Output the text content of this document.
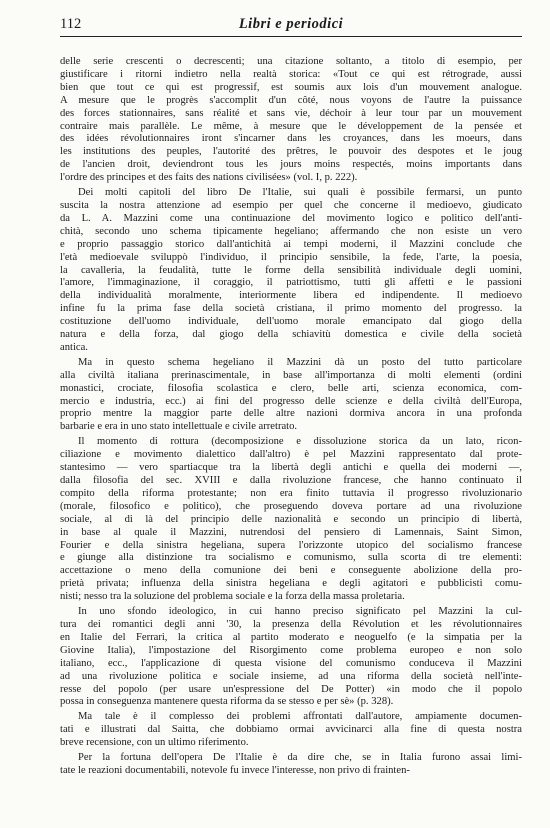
112	Libri e periodici

delle serie crescenti o decrescenti; una citazione soltanto, a titolo di esempio, per
giustificare i ritorni indietro nella realtà storica: «Tout ce qui est rétrograde, aussi
bien que tout ce qui est progressif, est soumis aux lois d'un mouvement analogue.
A mesure que le progrès s'accomplit d'un côté, nous voyons de l'autre la puissance
des forces stationnaires, sans réalité et sans vie, déchoir à leur tour par un mouvement
contraire mais parallèle. Le même, à mesure que le développement de la pensée et
des idées révolutionnaires iront s'incarner dans les croyances, dans les moeurs, dans
les institutions des peuples, l'autorité des prêtres, le pouvoir des despotes et le joug
de l'ancien droit, deviendront tous les jours moins respectés, moins importants dans
l'ordre des principes et des faits des nations civilisées» (vol. I, p. 222).

Dei molti capitoli del libro De l'Italie, sui quali è possibile fermarsi, un punto
suscita la nostra attenzione ad esempio per quel che concerne il medioevo, giudicato
da L. A. Mazzini come una continuazione del movimento logico e politico dell'anti-
chità, secondo uno schema tipicamente hegeliano; affermando che non esiste un vero
e proprio passaggio storico dall'antichità ai tempi moderni, il Mazzini conclude che
l'età medioevale sviluppò l'individuo, il principio sensibile, la fede, l'arte, la poesia,
la cavalleria, la feudalità, tutte le forme della sensibilità individuale degli uomini,
l'amore, l'immaginazione, il coraggio, il patriottismo, tutti gli affetti e le passioni
della individualità moralmente, interiormente libera ed indipendente. Il medioevo
infine fu la prima fase della società cristiana, il primo momento del progresso. la
costituzione dell'uomo individuale, dell'uomo morale emancipato dal giogo della
natura e della forza, dal giogo della schiavitù domestica e civile della società
antica.

Ma in questo schema hegeliano il Mazzini dà un posto del tutto particolare
alla civiltà italiana prerinascimentale, in base all'importanza di molti elementi (ordini
monastici, crociate, filosofia scolastica e clero, belle arti, scienza economica, com-
mercio e industria, ecc.) ai fini del progresso delle scienze e della civiltà dell'Europa,
proprio mentre la maggior parte delle altre nazioni dormiva ancora in una profonda
barbarie e era in uno stato intellettuale e civile arretrato.

Il momento di rottura (decomposizione e dissoluzione storica da un lato, ricon-
ciliazione e movimento dialettico dall'altro) è pel Mazzini rappresentato dal prote-
stantesimo — vero spartiacque tra la libertà degli antichi e quella dei moderni —,
dalla filosofia del sec. XVIII e dalla rivoluzione francese, che hanno continuato il
compito della riforma protestante; non era finito tuttavia il progresso rivoluzionario
(morale, filosofico e politico), che proseguendo doveva portare ad una rivoluzione
sociale, al di là del principio delle nazionalità e secondo un principio di libertà,
in base al quale il Mazzini, nutrendosi del pensiero di Lamennais, Saint Simon,
Fourier e della sinistra hegeliana, supera l'orizzonte utopico del socialismo francese
e giunge alla distinzione tra socialismo e comunismo, sulla scorta di tre elementi:
accettazione o meno della comunione dei beni e conseguente abolizione della pro-
prietà privata; influenza della sinistra hegeliana e degli agitatori e pubblicisti comu-
nisti; nesso tra la soluzione del problema sociale e la forza della massa proletaria.

In uno sfondo ideologico, in cui hanno preciso significato pel Mazzini la cul-
tura dei romantici degli anni '30, la presenza della Révolution et les révolutionnaires
en Italie del Ferrari, la critica al partito moderato e neoguelfo (e la simpatia per la
Giovine Italia), l'impostazione del Risorgimento come problema europeo e non solo
italiano, ecc., l'applicazione di questa visione del comunismo conduceva il Mazzini
ad una rivoluzione politica e sociale insieme, ad una riforma della società nell'inte-
resse del popolo (per usare un'espressione del De Potter) «in modo che il popolo
possa in conseguenza mantenere questa riforma da se stesso e per sè» (p. 328).

Ma tale è il complesso dei problemi affrontati dall'autore, ampiamente documen-
tati e illustrati dal Saitta, che dobbiamo ormai avvicinarci alla fine di questa nostra
breve recensione, con un ultimo riferimento.

Per la fortuna dell'opera De l'Italie è da dire che, se in Italia furono assai limi-
tate le reazioni documentabili, notevole fu invece l'interesse, non privo di frainten-
